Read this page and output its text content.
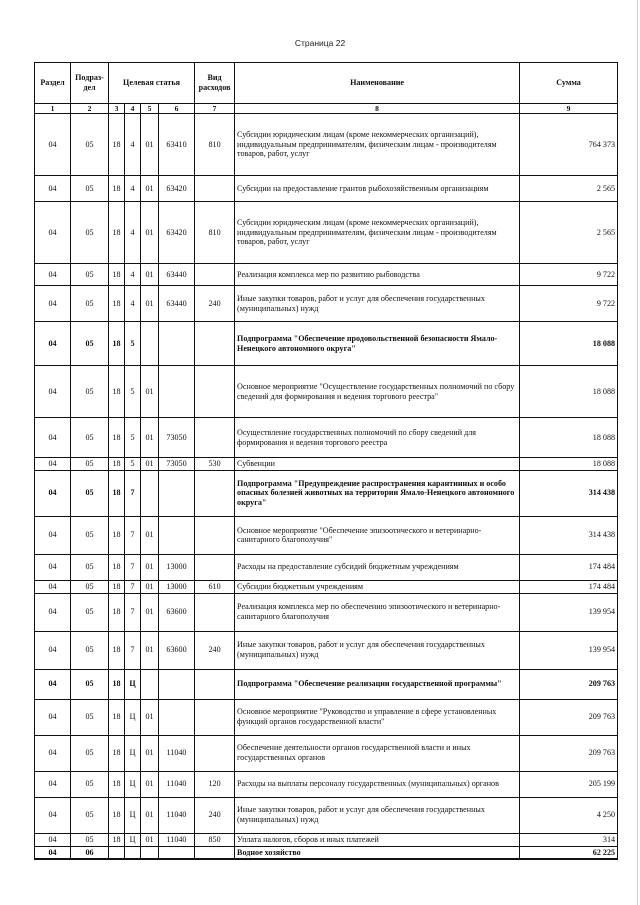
Страница 22
Раздел	Подраз-дел	Целевая статья				Вид расходов	Наименование	Сумма
1	2	3	4	5	6	7	8	9
04	05	18	4	01	63410	810	Субсидии юридическим лицам (кроме некоммерческих организаций), индивидуальным предпринимателям, физическим лицам - производителям товаров, работ, услуг	764 373
04	05	18	4	01	63420		Субсидии на предоставление грантов рыбохозяйственным организациям	2 565
04	05	18	4	01	63420	810	Субсидии юридическим лицам (кроме некоммерческих организаций), индивидуальным предпринимателям, физическим лицам - производителям товаров, работ, услуг	2 565
04	05	18	4	01	63440		Реализация комплекса мер по развитию рыбоводства	9 722
04	05	18	4	01	63440	240	Иные закупки товаров, работ и услуг для обеспечения государственных (муниципальных) нужд	9 722
04	05	18	5				Подпрограмма "Обеспечение продовольственной безопасности Ямало-Ненецкого автономного округа"	18 088
04	05	18	5	01			Основное мероприятие "Осуществление государственных полномочий по сбору сведений для формирования и ведения торгового реестра"	18 088
04	05	18	5	01	73050		Осуществление государственных полномочий по сбору сведений для формирования и ведения торгового реестра	18 088
04	05	18	5	01	73050	530	Субвенции	18 088
04	05	18	7				Подпрограмма "Предупреждение распространения карантинных и особо опасных болезней животных на территории Ямало-Ненецкого автономного округа"	314 438
04	05	18	7	01			Основное мероприятие "Обеспечение эпизоотического и ветеринарно-санитарного благополучия"	314 438
04	05	18	7	01	13000		Расходы на предоставление субсидий бюджетным учреждениям	174 484
04	05	18	7	01	13000	610	Субсидии бюджетным учреждениям	174 484
04	05	18	7	01	63600		Реализация комплекса мер по обеспечению эпизоотического и ветеринарно-санитарного благополучия	139 954
04	05	18	7	01	63600	240	Иные закупки товаров, работ и услуг для обеспечения государственных (муниципальных) нужд	139 954
04	05	18	Ц				Подпрограмма "Обеспечение реализации государственной программы"	209 763
04	05	18	Ц	01			Основное мероприятие "Руководство и управление в сфере установленных функций органов государственной власти"	209 763
04	05	18	Ц	01	11040		Обеспечение деятельности органов государственной власти и иных государственных органов	209 763
04	05	18	Ц	01	11040	120	Расходы на выплаты персоналу государственных (муниципальных) органов	205 199
04	05	18	Ц	01	11040	240	Иные закупки товаров, работ и услуг для обеспечения государственных (муниципальных) нужд	4 250
04	05	18	Ц	01	11040	850	Уплата налогов, сборов и иных платежей	314
04	06						Водное хозяйство	62 225
